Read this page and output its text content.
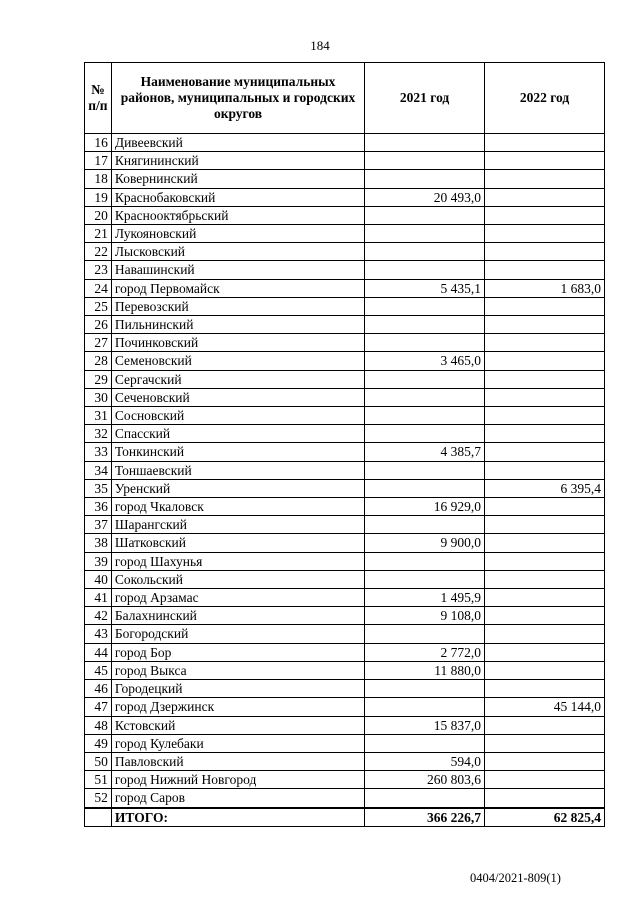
184
№ п/п	Наименование муниципальных районов, муниципальных и городских округов	2021 год	2022 год
16	Дивеевский		
17	Княгининский		
18	Ковернинский		
19	Краснобаковский	20 493,0	
20	Краснооктябрьский		
21	Лукояновский		
22	Лысковский		
23	Навашинский		
24	город Первомайск	5 435,1	1 683,0
25	Перевозский		
26	Пильнинский		
27	Починковский		
28	Семеновский	3 465,0	
29	Сергачский		
30	Сеченовский		
31	Сосновский		
32	Спасский		
33	Тонкинский	4 385,7	
34	Тоншаевский		
35	Уренский		6 395,4
36	город Чкаловск	16 929,0	
37	Шарангский		
38	Шатковский	9 900,0	
39	город Шахунья		
40	Сокольский		
41	город Арзамас	1 495,9	
42	Балахнинский	9 108,0	
43	Богородский		
44	город Бор	2 772,0	
45	город Выкса	11 880,0	
46	Городецкий		
47	город Дзержинск		45 144,0
48	Кстовский	15 837,0	
49	город Кулебаки		
50	Павловский	594,0	
51	город Нижний Новгород	260 803,6	
52	город Саров		
	ИТОГО:	366 226,7	62 825,4
0404/2021-809(1)
